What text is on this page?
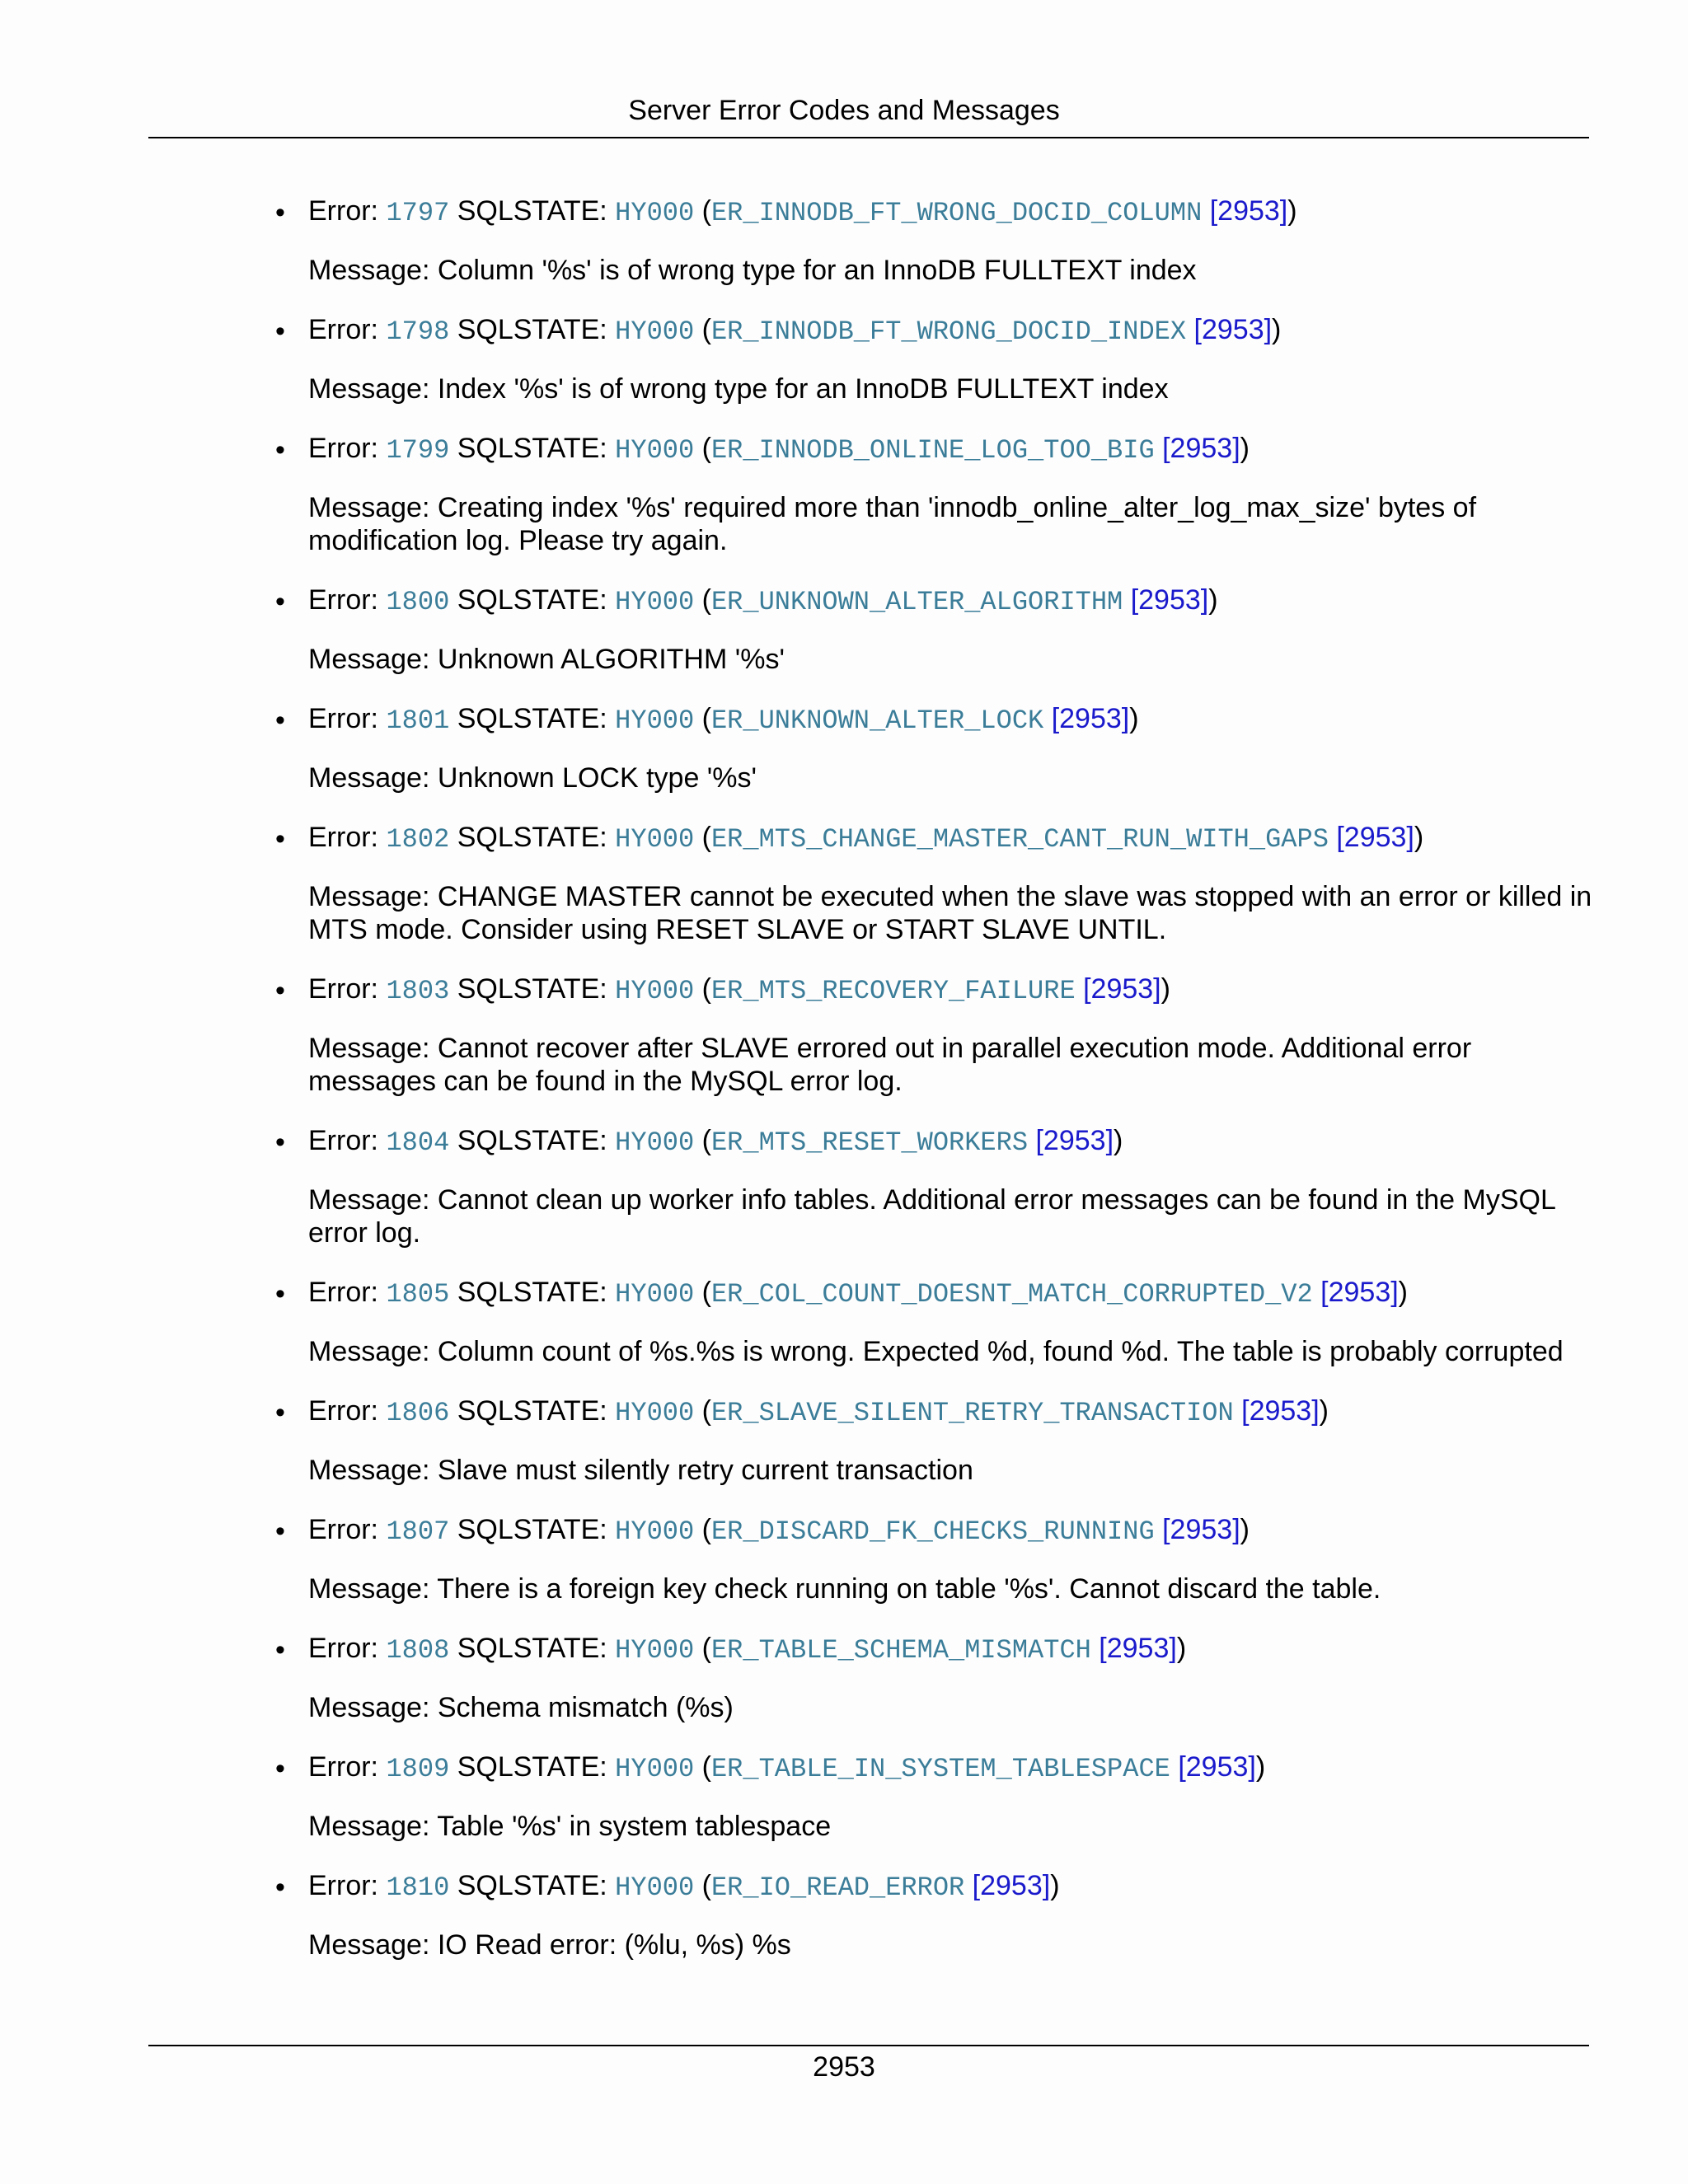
Server Error Codes and Messages
• Error: 1797 SQLSTATE: HY000 (ER_INNODB_FT_WRONG_DOCID_COLUMN [2953])
Message: Column '%s' is of wrong type for an InnoDB FULLTEXT index
• Error: 1798 SQLSTATE: HY000 (ER_INNODB_FT_WRONG_DOCID_INDEX [2953])
Message: Index '%s' is of wrong type for an InnoDB FULLTEXT index
• Error: 1799 SQLSTATE: HY000 (ER_INNODB_ONLINE_LOG_TOO_BIG [2953])
Message: Creating index '%s' required more than 'innodb_online_alter_log_max_size' bytes of
modification log. Please try again.
• Error: 1800 SQLSTATE: HY000 (ER_UNKNOWN_ALTER_ALGORITHM [2953])
Message: Unknown ALGORITHM '%s'
• Error: 1801 SQLSTATE: HY000 (ER_UNKNOWN_ALTER_LOCK [2953])
Message: Unknown LOCK type '%s'
• Error: 1802 SQLSTATE: HY000 (ER_MTS_CHANGE_MASTER_CANT_RUN_WITH_GAPS [2953])
Message: CHANGE MASTER cannot be executed when the slave was stopped with an error or killed in
MTS mode. Consider using RESET SLAVE or START SLAVE UNTIL.
• Error: 1803 SQLSTATE: HY000 (ER_MTS_RECOVERY_FAILURE [2953])
Message: Cannot recover after SLAVE errored out in parallel execution mode. Additional error
messages can be found in the MySQL error log.
• Error: 1804 SQLSTATE: HY000 (ER_MTS_RESET_WORKERS [2953])
Message: Cannot clean up worker info tables. Additional error messages can be found in the MySQL
error log.
• Error: 1805 SQLSTATE: HY000 (ER_COL_COUNT_DOESNT_MATCH_CORRUPTED_V2 [2953])
Message: Column count of %s.%s is wrong. Expected %d, found %d. The table is probably corrupted
• Error: 1806 SQLSTATE: HY000 (ER_SLAVE_SILENT_RETRY_TRANSACTION [2953])
Message: Slave must silently retry current transaction
• Error: 1807 SQLSTATE: HY000 (ER_DISCARD_FK_CHECKS_RUNNING [2953])
Message: There is a foreign key check running on table '%s'. Cannot discard the table.
• Error: 1808 SQLSTATE: HY000 (ER_TABLE_SCHEMA_MISMATCH [2953])
Message: Schema mismatch (%s)
• Error: 1809 SQLSTATE: HY000 (ER_TABLE_IN_SYSTEM_TABLESPACE [2953])
Message: Table '%s' in system tablespace
• Error: 1810 SQLSTATE: HY000 (ER_IO_READ_ERROR [2953])
Message: IO Read error: (%lu, %s) %s
2953
